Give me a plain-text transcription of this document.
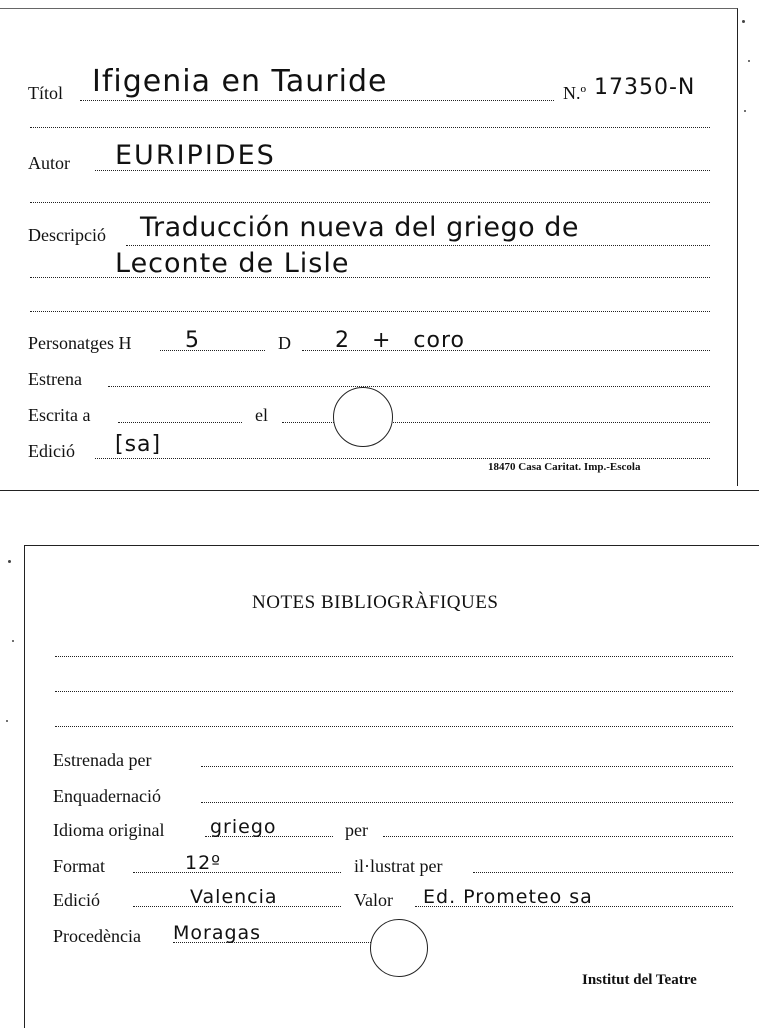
Títol Ifigenia en Tauride	N.º 17350-N
Autor EURIPIDES
Descripció Traducción nueva del griego de
Leconte de Lisle
Personatges H 5	D 2 + coro
Estrena
Escrita a	el
Edició [sa]
18470 Casa Caritat. Imp.-Escola
NOTES BIBLIOGRÀFIQUES
Estrenada per
Enquadernació
Idioma original griego	per
Format	12º	il·lustrat per
Edició	Valencia	Valor Ed. Prometeo sa
Procedència Moragas
Institut del Teatre
